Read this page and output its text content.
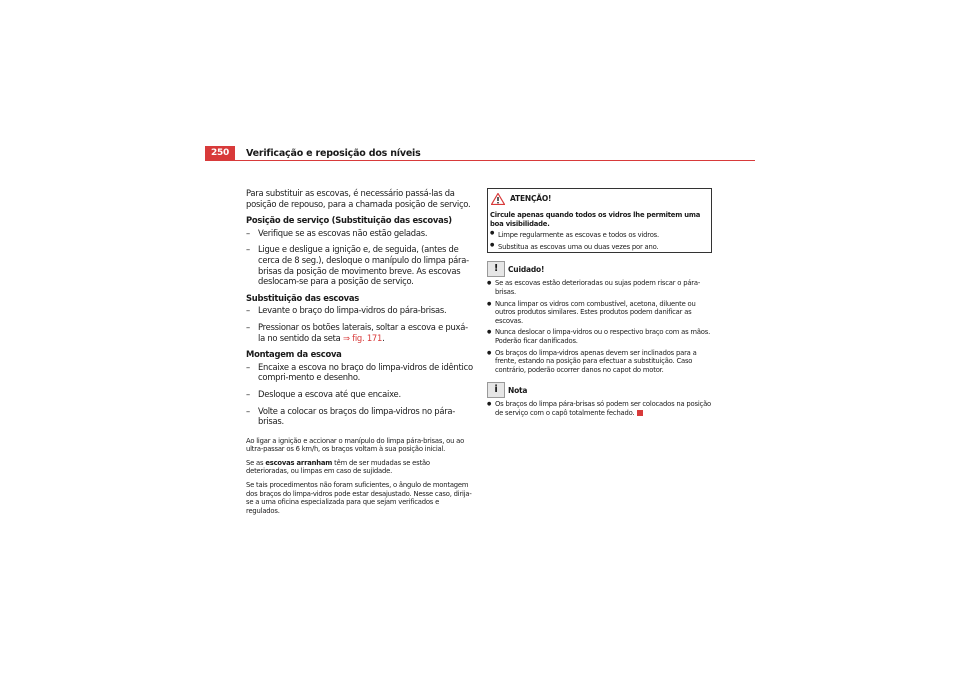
250	Verificação e reposição dos níveis

Para substituir as escovas, é necessário passá-las da posição de repouso, para a chamada posição de serviço.

Posição de serviço (Substituição das escovas)

– Verifique se as escovas não estão geladas.
– Ligue e desligue a ignição e, de seguida, (antes de cerca de 8 seg.), desloque o manípulo do limpa pára-brisas da posição de movimento breve. As escovas deslocam-se para a posição de serviço.

Substituição das escovas

– Levante o braço do limpa-vidros do pára-brisas.
– Pressionar os botões laterais, soltar a escova e puxá-la no sentido da seta ⇒ fig. 171.

Montagem da escova

– Encaixe a escova no braço do limpa-vidros de idêntico compri-mento e desenho.
– Desloque a escova até que encaixe.
– Volte a colocar os braços do limpa-vidros no pára-brisas.

Ao ligar a ignição e accionar o manípulo do limpa pára-brisas, ou ao ultra-passar os 6 km/h, os braços voltam à sua posição inicial.

Se as escovas arranham têm de ser mudadas se estão deterioradas, ou limpas em caso de sujidade.

Se tais procedimentos não foram suficientes, o ângulo de montagem dos braços do limpa-vidros pode estar desajustado. Nesse caso, dirija-se a uma oficina especializada para que sejam verificados e regulados.

ATENÇÃO!
Circule apenas quando todos os vidros lhe permitem uma boa visibilidade.
● Limpe regularmente as escovas e todos os vidros.
● Substitua as escovas uma ou duas vezes por ano.
!	Cuidado!
● Se as escovas estão deterioradas ou sujas podem riscar o pára-brisas.
● Nunca limpar os vidros com combustível, acetona, diluente ou outros produtos similares. Estes produtos podem danificar as escovas.
● Nunca deslocar o limpa-vidros ou o respectivo braço com as mãos. Poderão ficar danificados.
● Os braços do limpa-vidros apenas devem ser inclinados para a frente, estando na posição para efectuar a substituição. Caso contrário, poderão ocorrer danos no capot do motor.
i	Nota
● Os braços do limpa pára-brisas só podem ser colocados na posição de serviço com o capô totalmente fechado.
